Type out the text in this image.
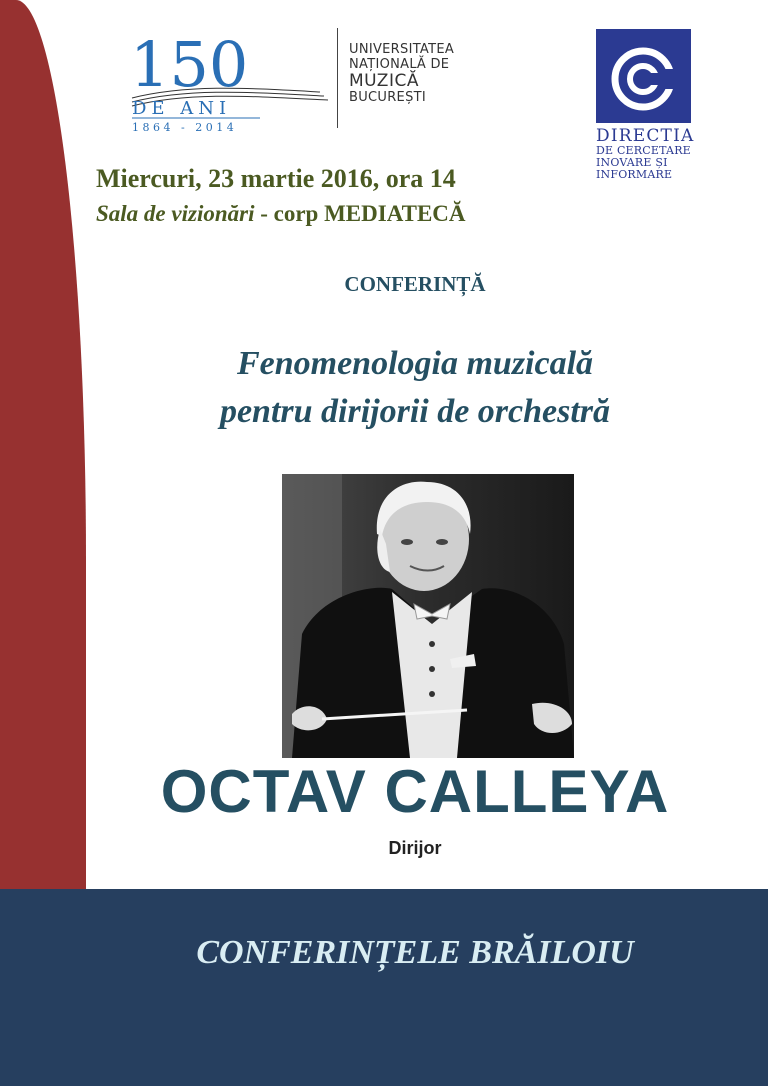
150
DE ANI
1864 - 2014
UNIVERSITATEA
NAȚIONALĂ DE
MUZICĂ
BUCUREȘTI
DIRECTIA
DE CERCETARE
INOVARE ȘI
INFORMARE
Miercuri, 23 martie 2016, ora 14
Sala de vizionări - corp MEDIATECĂ
CONFERINȚĂ
Fenomenologia muzicală
pentru dirijorii de orchestră
OCTAV CALLEYA
Dirijor
CONFERINȚELE BRĂILOIU
